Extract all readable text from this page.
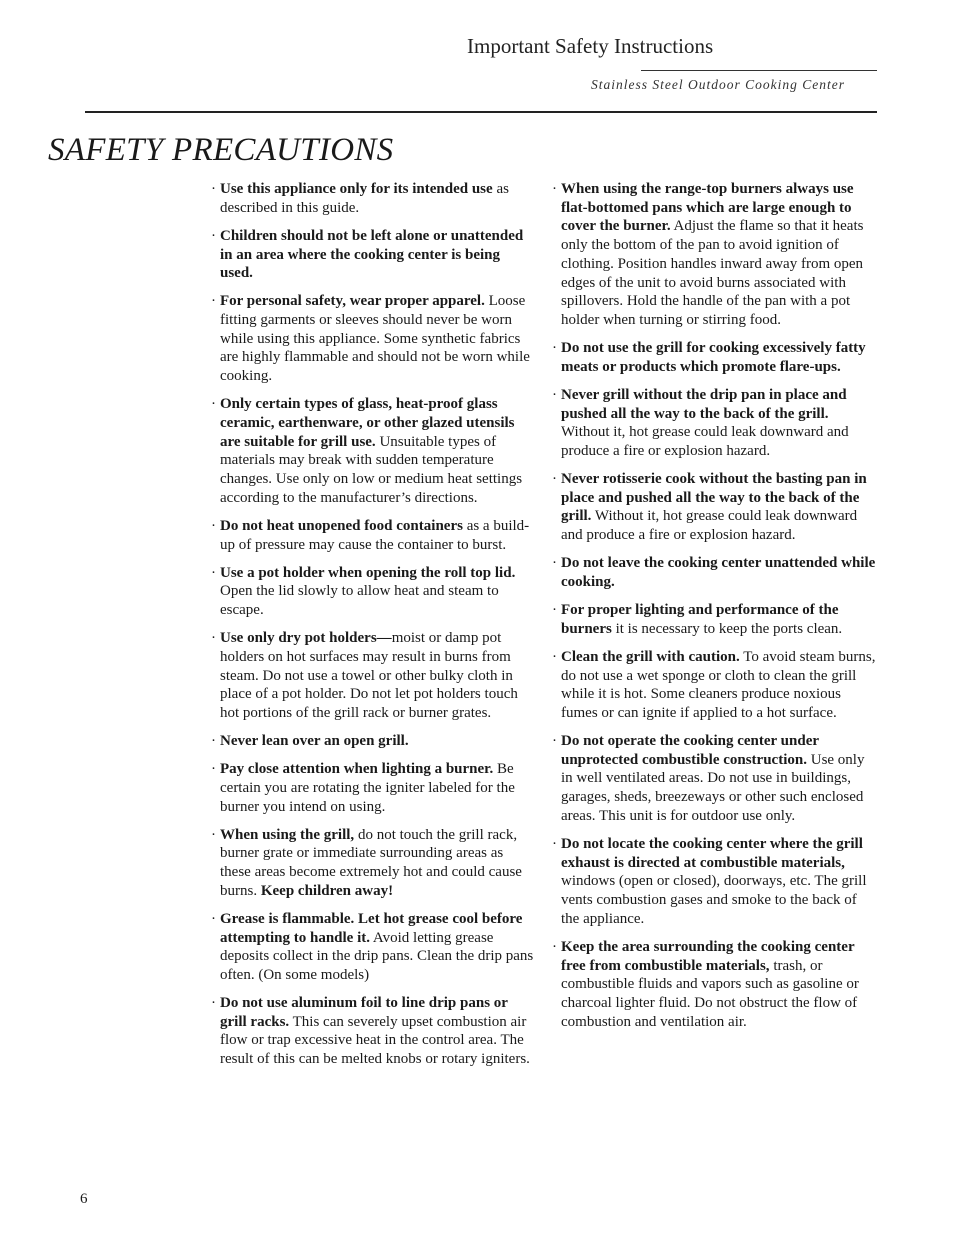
Important Safety Instructions
Stainless Steel Outdoor Cooking Center
SAFETY PRECAUTIONS
· Use this appliance only for its intended use as described in this guide.
· Children should not be left alone or unattended in an area where the cooking center is being used.
· For personal safety, wear proper apparel. Loose fitting garments or sleeves should never be worn while using this appliance. Some synthetic fabrics are highly flammable and should not be worn while cooking.
· Only certain types of glass, heat-proof glass ceramic, earthenware, or other glazed utensils are suitable for grill use. Unsuitable types of materials may break with sudden temperature changes. Use only on low or medium heat settings according to the manufacturer’s directions.
· Do not heat unopened food containers as a build-up of pressure may cause the container to burst.
· Use a pot holder when opening the roll top lid. Open the lid slowly to allow heat and steam to escape.
· Use only dry pot holders—moist or damp pot holders on hot surfaces may result in burns from steam. Do not use a towel or other bulky cloth in place of a pot holder. Do not let pot holders touch hot portions of the grill rack or burner grates.
· Never lean over an open grill.
· Pay close attention when lighting a burner. Be certain you are rotating the igniter labeled for the burner you intend on using.
· When using the grill, do not touch the grill rack, burner grate or immediate surrounding areas as these areas become extremely hot and could cause burns. Keep children away!
· Grease is flammable. Let hot grease cool before attempting to handle it. Avoid letting grease deposits collect in the drip pans. Clean the drip pans often. (On some models)
· Do not use aluminum foil to line drip pans or grill racks. This can severely upset combustion air flow or trap excessive heat in the control area. The result of this can be melted knobs or rotary igniters.
· When using the range-top burners always use flat-bottomed pans which are large enough to cover the burner. Adjust the flame so that it heats only the bottom of the pan to avoid ignition of clothing. Position handles inward away from open edges of the unit to avoid burns associated with spillovers. Hold the handle of the pan with a pot holder when turning or stirring food.
· Do not use the grill for cooking excessively fatty meats or products which promote flare-ups.
· Never grill without the drip pan in place and pushed all the way to the back of the grill. Without it, hot grease could leak downward and produce a fire or explosion hazard.
· Never rotisserie cook without the basting pan in place and pushed all the way to the back of the grill. Without it, hot grease could leak downward and produce a fire or explosion hazard.
· Do not leave the cooking center unattended while cooking.
· For proper lighting and performance of the burners it is necessary to keep the ports clean.
· Clean the grill with caution. To avoid steam burns, do not use a wet sponge or cloth to clean the grill while it is hot. Some cleaners produce noxious fumes or can ignite if applied to a hot surface.
· Do not operate the cooking center under unprotected combustible construction. Use only in well ventilated areas. Do not use in buildings, garages, sheds, breezeways or other such enclosed areas. This unit is for outdoor use only.
· Do not locate the cooking center where the grill exhaust is directed at combustible materials, windows (open or closed), doorways, etc. The grill vents combustion gases and smoke to the back of the appliance.
· Keep the area surrounding the cooking center free from combustible materials, trash, or combustible fluids and vapors such as gasoline or charcoal lighter fluid. Do not obstruct the flow of combustion and ventilation air.
6
